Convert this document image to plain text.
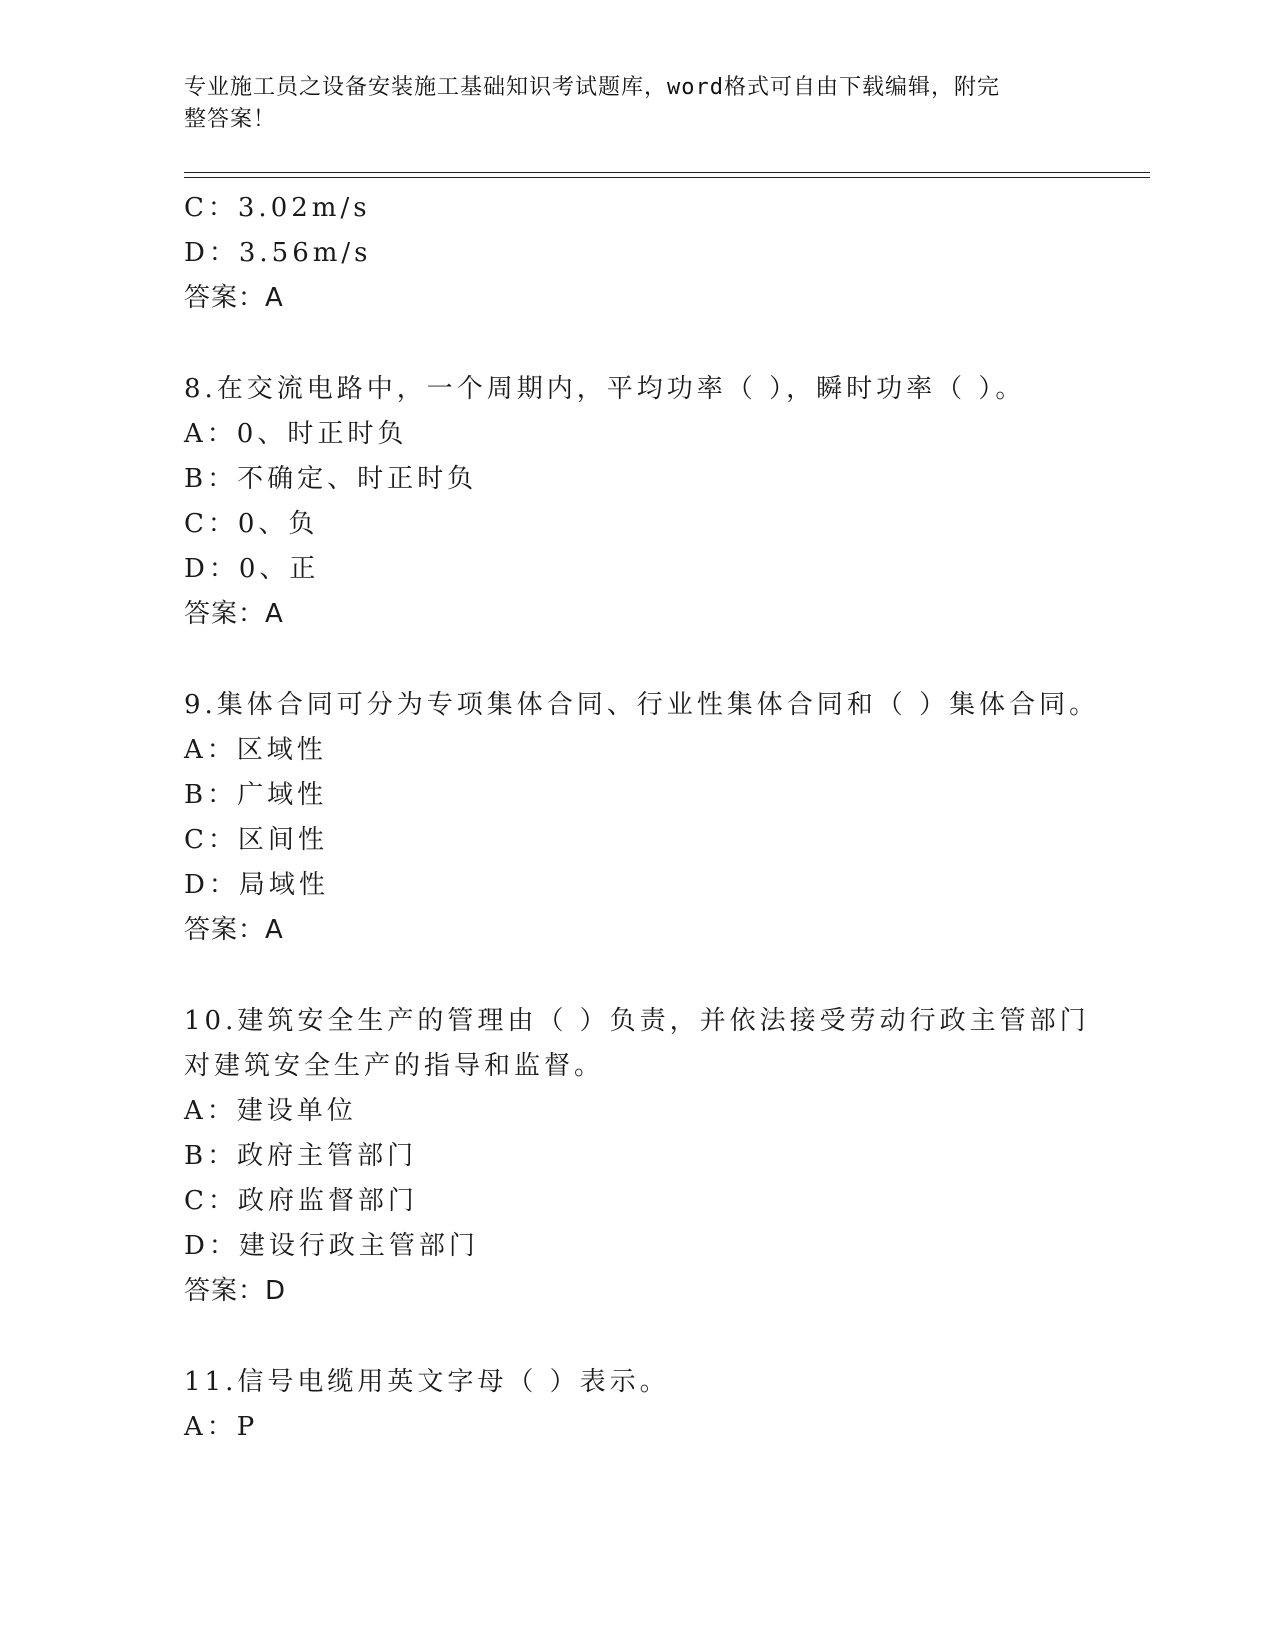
专业施工员之设备安装施工基础知识考试题库，word格式可自由下载编辑，附完
整答案！
C：3.02m/s
D：3.56m/s
答案：A
8.在交流电路中，一个周期内，平均功率（ ），瞬时功率（ ）。
A：0、时正时负
B：不确定、时正时负
C：0、负
D：0、正
答案：A
9.集体合同可分为专项集体合同、行业性集体合同和（ ）集体合同。
A：区域性
B：广域性
C：区间性
D：局域性
答案：A
10.建筑安全生产的管理由（ ）负责，并依法接受劳动行政主管部门
对建筑安全生产的指导和监督。
A：建设单位
B：政府主管部门
C：政府监督部门
D：建设行政主管部门
答案：D
11.信号电缆用英文字母（ ）表示。
A：P
